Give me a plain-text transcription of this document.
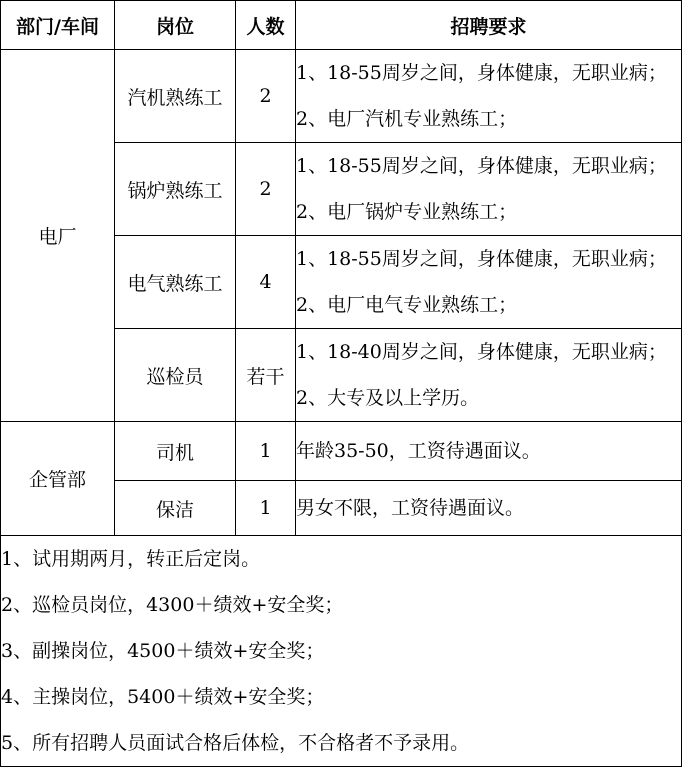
部门/车间	岗位	人数	招聘要求
电厂	汽机熟练工	2	1、18-55周岁之间，身体健康，无职业病；
2、电厂汽机专业熟练工；

	锅炉熟练工	2	1、18-55周岁之间，身体健康，无职业病；
2、电厂锅炉专业熟练工；

	电气熟练工	4	1、18-55周岁之间，身体健康，无职业病；
2、电厂电气专业熟练工；

	巡检员	若干	1、18-40周岁之间，身体健康，无职业病；
2、大专及以上学历。

企管部	司机	1	年龄35-50，工资待遇面议。

	保洁	1	男女不限，工资待遇面议。

1、试用期两月，转正后定岗。
2、巡检员岗位，4300＋绩效+安全奖；
3、副操岗位，4500＋绩效+安全奖；
4、主操岗位，5400＋绩效+安全奖；
5、所有招聘人员面试合格后体检，不合格者不予录用。			
